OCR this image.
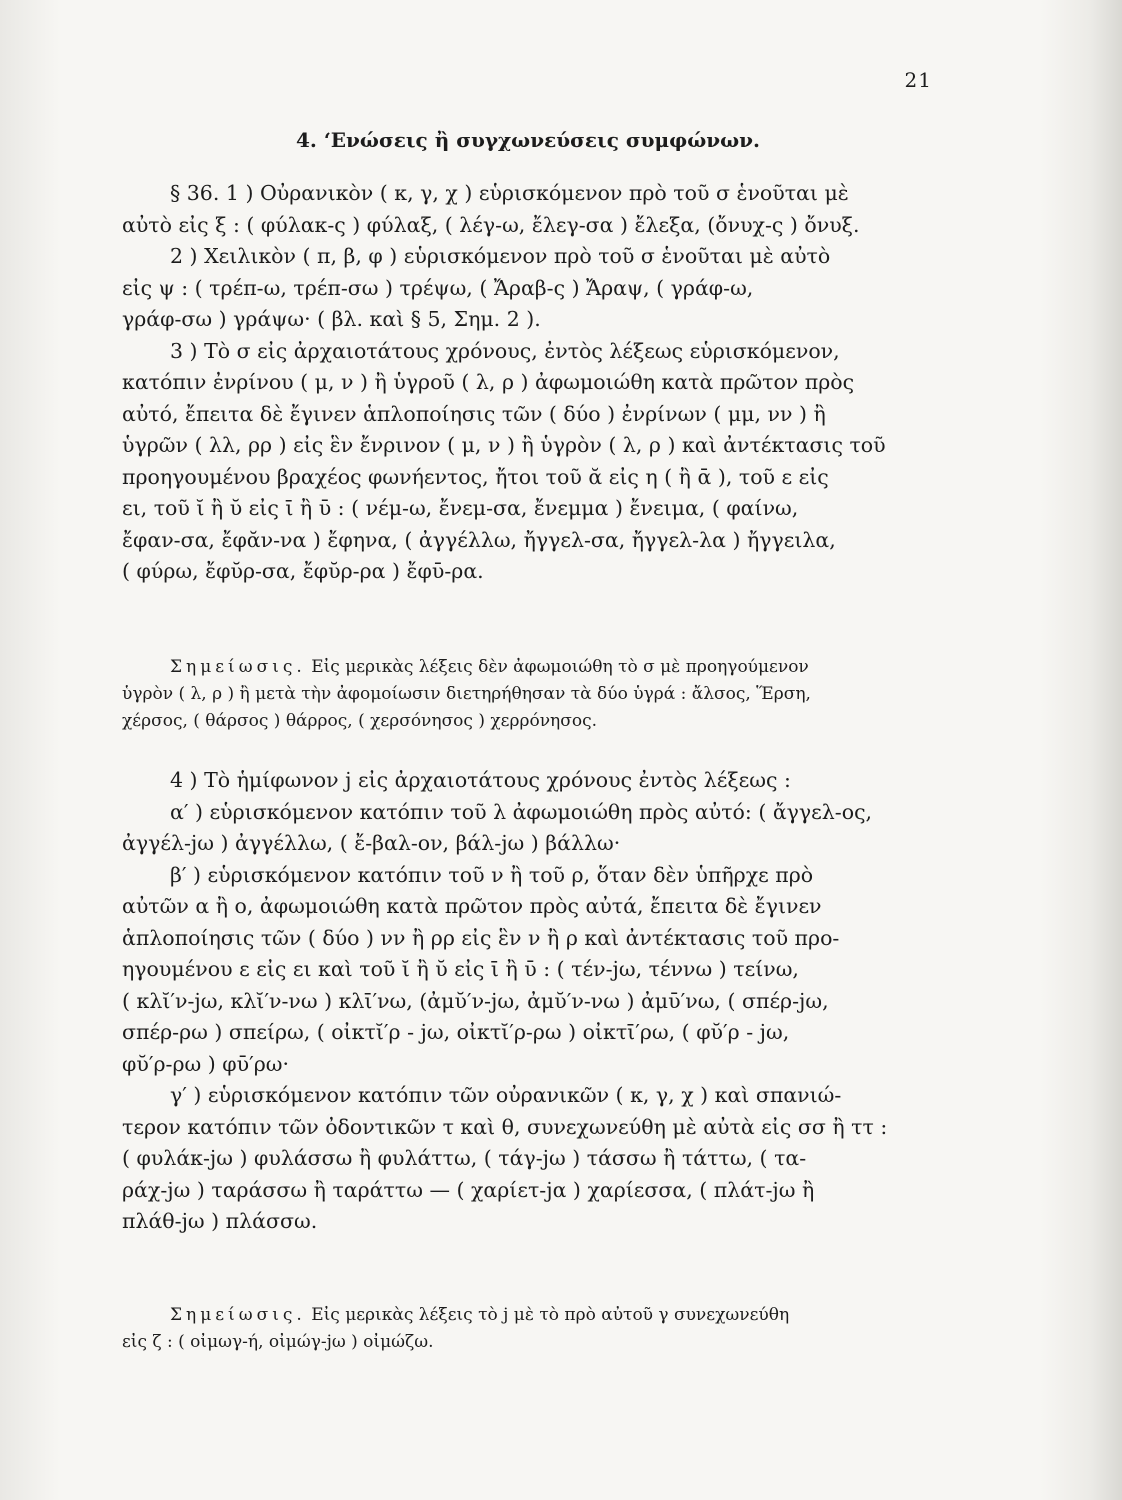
21
4. ‘Ενώσεις ἢ συγχωνεύσεις συμφώνων.
§ 36. 1 ) Οὐρανικὸν ( κ, γ, χ ) εὑρισκόμενον πρὸ τοῦ σ ἑνοῦται μὲ
αὐτὸ εἰς ξ : ( φύλακ-ς ) φύλαξ, ( λέγ-ω, ἔλεγ-σα ) ἔλεξα, (ὄνυχ-ς ) ὄνυξ.
2 ) Χειλικὸν ( π, β, φ ) εὑρισκόμενον πρὸ τοῦ σ ἑνοῦται μὲ αὐτὸ
εἰς ψ : ( τρέπ-ω, τρέπ-σω ) τρέψω, ( Ἄραβ-ς ) Ἄραψ, ( γράφ-ω,
γράφ-σω ) γράψω· ( βλ. καὶ § 5, Σημ. 2 ).
3 ) Τὸ σ εἰς ἀρχαιοτάτους χρόνους, ἐντὸς λέξεως εὑρισκόμενον,
κατόπιν ἐνρίνου ( μ, ν ) ἢ ὑγροῦ ( λ, ρ ) ἀφωμοιώθη κατὰ πρῶτον πρὸς
αὐτό, ἔπειτα δὲ ἔγινεν ἁπλοποίησις τῶν ( δύο ) ἐνρίνων ( μμ, νν ) ἢ
ὑγρῶν ( λλ, ρρ ) εἰς ἓν ἔνρινον ( μ, ν ) ἢ ὑγρὸν ( λ, ρ ) καὶ ἀντέκτασις τοῦ
προηγουμένου βραχέος φωνήεντος, ἤτοι τοῦ ᾰ εἰς η ( ἢ ᾱ ), τοῦ ε εἰς
ει, τοῦ ῐ ἢ ῠ εἰς ῑ ἢ ῡ : ( νέμ-ω, ἔνεμ-σα, ἔνεμμα ) ἔνειμα, ( φαίνω,
ἔφαν-σα, ἔφᾰν-να ) ἔφηνα, ( ἀγγέλλω, ἤγγελ-σα, ἤγγελ-λα ) ἤγγειλα,
( φύρω, ἔφῠρ-σα, ἔφῠρ-ρα ) ἔφῡ-ρα.
Σημείωσις. Εἰς μερικὰς λέξεις δὲν ἀφωμοιώθη τὸ σ μὲ προηγούμενον
ὑγρὸν ( λ, ρ ) ἢ μετὰ τὴν ἀφομοίωσιν διετηρήθησαν τὰ δύο ὑγρά : ἄλσος, Ἕρση,
χέρσος, ( θάρσος ) θάρρος, ( χερσόνησος ) χερρόνησος.
4 ) Τὸ ἡμίφωνον j εἰς ἀρχαιοτάτους χρόνους ἐντὸς λέξεως :
α′ ) εὑρισκόμενον κατόπιν τοῦ λ ἀφωμοιώθη πρὸς αὐτό: ( ἄγγελ-ος,
ἀγγέλ-jω ) ἀγγέλλω, ( ἔ-βαλ-ον, βάλ-jω ) βάλλω·
β′ ) εὑρισκόμενον κατόπιν τοῦ ν ἢ τοῦ ρ, ὅταν δὲν ὑπῆρχε πρὸ
αὐτῶν α ἢ ο, ἀφωμοιώθη κατὰ πρῶτον πρὸς αὐτά, ἔπειτα δὲ ἔγινεν
ἁπλοποίησις τῶν ( δύο ) νν ἢ ρρ εἰς ἓν ν ἢ ρ καὶ ἀντέκτασις τοῦ προ-
ηγουμένου ε εἰς ει καὶ τοῦ ῐ ἢ ῠ εἰς ῑ ἢ ῡ : ( τέν-jω, τέννω ) τείνω,
( κλῐ′ν-jω, κλῐ′ν-νω ) κλῑ′νω, (ἀμῠ′ν-jω, ἀμῠ′ν-νω ) ἀμῡ′νω, ( σπέρ-jω,
σπέρ-ρω ) σπείρω, ( οἰκτῐ′ρ - jω, οἰκτῐ′ρ-ρω ) οἰκτῑ′ρω, ( φῠ′ρ - jω,
φῠ′ρ-ρω ) φῡ′ρω·
γ′ ) εὑρισκόμενον κατόπιν τῶν οὐρανικῶν ( κ, γ, χ ) καὶ σπανιώ-
τερον κατόπιν τῶν ὀδοντικῶν τ καὶ θ, συνεχωνεύθη μὲ αὐτὰ εἰς σσ ἢ ττ :
( φυλάκ-jω ) φυλάσσω ἢ φυλάττω, ( τάγ-jω ) τάσσω ἢ τάττω, ( τα-
ράχ-jω ) ταράσσω ἢ ταράττω — ( χαρίετ-jα ) χαρίεσσα, ( πλάτ-jω ἢ
πλάθ-jω ) πλάσσω.
Σημείωσις. Εἰς μερικὰς λέξεις τὸ j μὲ τὸ πρὸ αὐτοῦ γ συνεχωνεύθη
εἰς ζ : ( οἰμωγ-ή, οἰμώγ-jω ) οἰμώζω.
